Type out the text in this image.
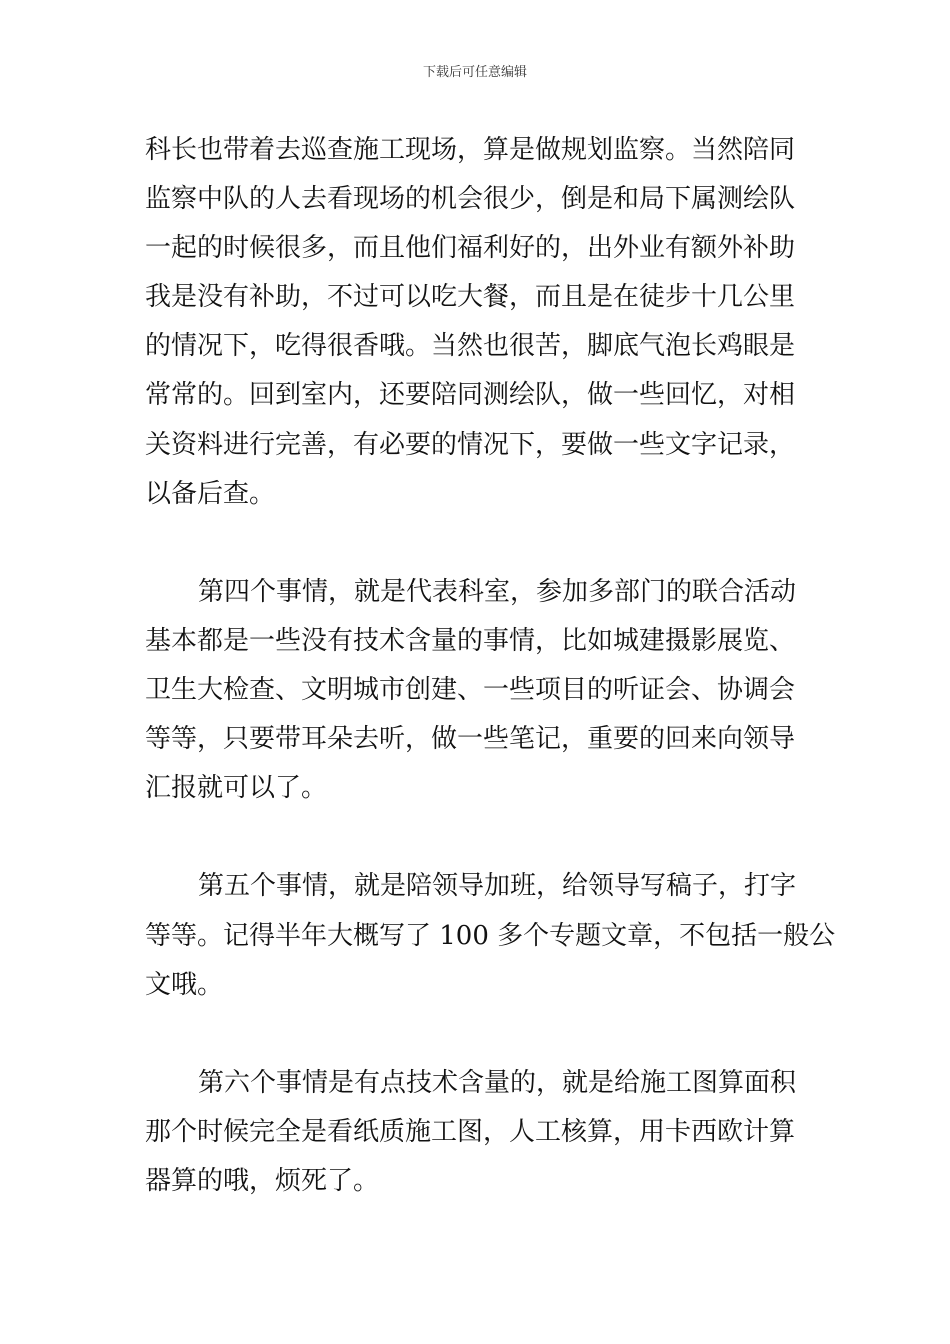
下载后可任意编辑
科长也带着去巡查施工现场，算是做规划监察。当然陪同
监察中队的人去看现场的机会很少，倒是和局下属测绘队
一起的时候很多，而且他们福利好的，出外业有额外补助
我是没有补助，不过可以吃大餐，而且是在徒步十几公里
的情况下，吃得很香哦。当然也很苦，脚底气泡长鸡眼是
常常的。回到室内，还要陪同测绘队，做一些回忆，对相
关资料进行完善，有必要的情况下，要做一些文字记录，
以备后查。
第四个事情，就是代表科室，参加多部门的联合活动
基本都是一些没有技术含量的事情，比如城建摄影展览、
卫生大检查、文明城市创建、一些项目的听证会、协调会
等等，只要带耳朵去听，做一些笔记，重要的回来向领导
汇报就可以了。
第五个事情，就是陪领导加班，给领导写稿子，打字
等等。记得半年大概写了 100 多个专题文章，不包括一般公
文哦。
第六个事情是有点技术含量的，就是给施工图算面积
那个时候完全是看纸质施工图，人工核算，用卡西欧计算
器算的哦，烦死了。
